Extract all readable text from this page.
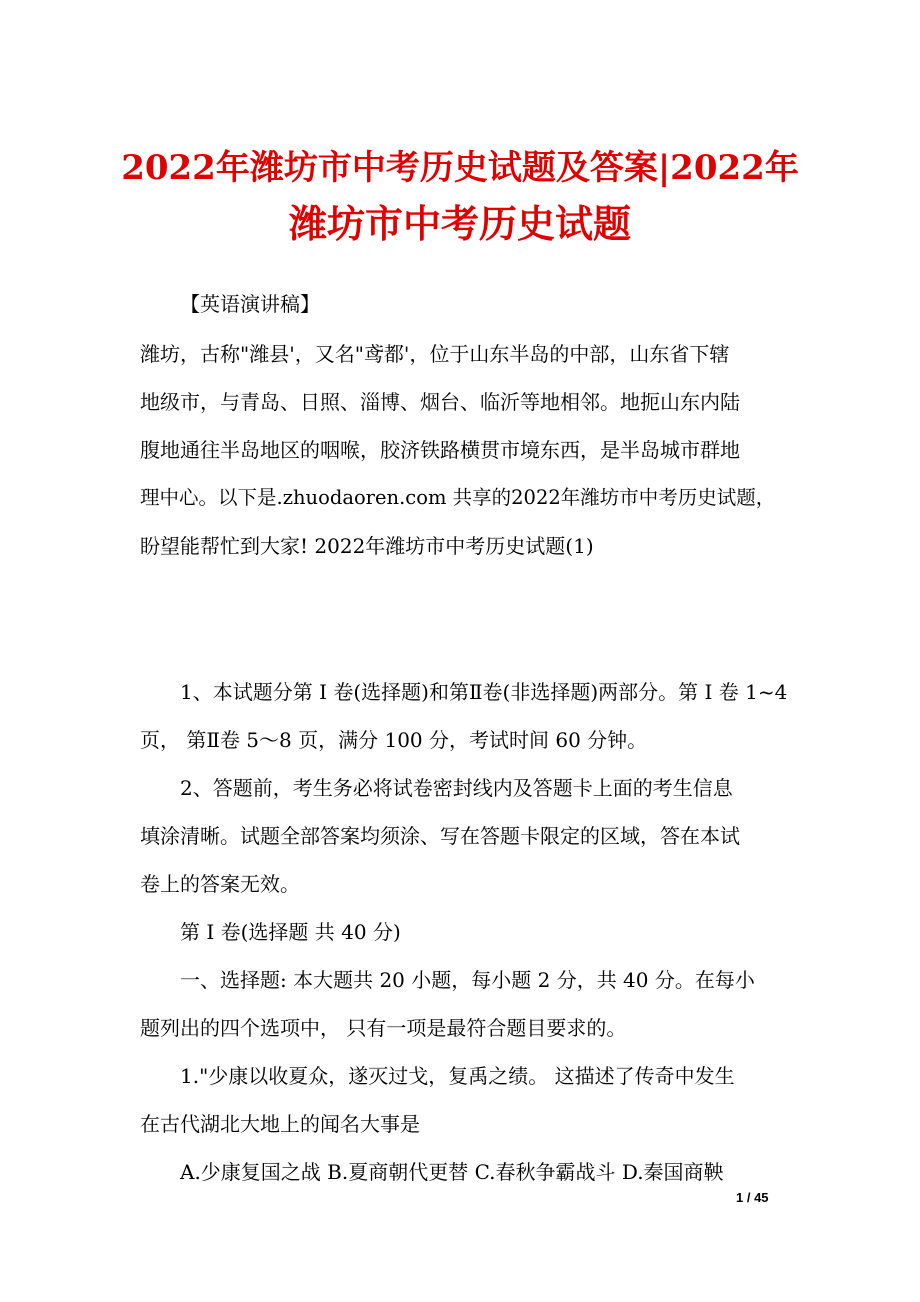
2022年潍坊市中考历史试题及答案|2022年
潍坊市中考历史试题
【英语演讲稿】
潍坊，古称"潍县'，又名"鸢都'，位于山东半岛的中部，山东省下辖
地级市，与青岛、日照、淄博、烟台、临沂等地相邻。地扼山东内陆
腹地通往半岛地区的咽喉，胶济铁路横贯市境东西，是半岛城市群地
理中心。以下是.zhuodaoren.com 共享的2022年潍坊市中考历史试题，
盼望能帮忙到大家! 2022年潍坊市中考历史试题(1)
1、本试题分第 I 卷(选择题)和第Ⅱ卷(非选择题)两部分。第 I 卷 1~4
页， 第Ⅱ卷 5～8 页，满分 100 分，考试时间 60 分钟。
2、答题前，考生务必将试卷密封线内及答题卡上面的考生信息
填涂清晰。试题全部答案均须涂、写在答题卡限定的区域，答在本试
卷上的答案无效。
第 I 卷(选择题 共 40 分)
一、选择题: 本大题共 20 小题，每小题 2 分，共 40 分。在每小
题列出的四个选项中， 只有一项是最符合题目要求的。
1."少康以收夏众，遂灭过戈，复禹之绩。 这描述了传奇中发生
在古代湖北大地上的闻名大事是
A.少康复国之战 B.夏商朝代更替 C.春秋争霸战斗 D.秦国商鞅
1 / 45
